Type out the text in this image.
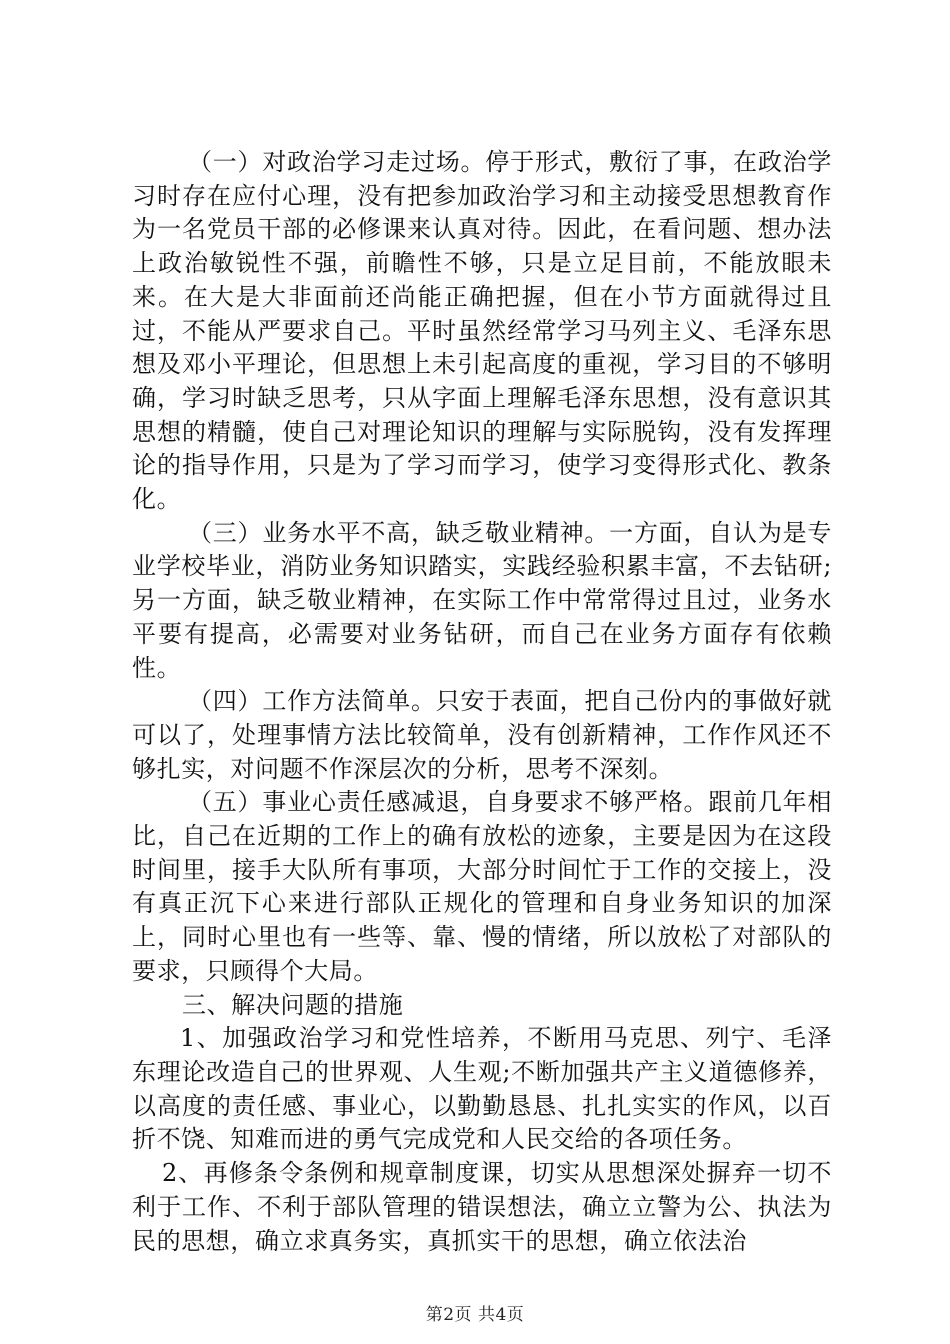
（一）对政治学习走过场。停于形式，敷衍了事，在政治学习时存在应付心理，没有把参加政治学习和主动接受思想教育作为一名党员干部的必修课来认真对待。因此，在看问题、想办法上政治敏锐性不强，前瞻性不够，只是立足目前，不能放眼未来。在大是大非面前还尚能正确把握，但在小节方面就得过且过，不能从严要求自己。平时虽然经常学习马列主义、毛泽东思想及邓小平理论，但思想上未引起高度的重视，学习目的不够明确，学习时缺乏思考，只从字面上理解毛泽东思想，没有意识其思想的精髓，使自己对理论知识的理解与实际脱钩，没有发挥理论的指导作用，只是为了学习而学习，使学习变得形式化、教条化。

（三）业务水平不高，缺乏敬业精神。一方面，自认为是专业学校毕业，消防业务知识踏实，实践经验积累丰富，不去钻研;另一方面，缺乏敬业精神，在实际工作中常常得过且过，业务水平要有提高，必需要对业务钻研，而自己在业务方面存有依赖性。

（四）工作方法简单。只安于表面，把自己份内的事做好就可以了，处理事情方法比较简单，没有创新精神，工作作风还不够扎实，对问题不作深层次的分析，思考不深刻。

（五）事业心责任感减退，自身要求不够严格。跟前几年相比，自己在近期的工作上的确有放松的迹象，主要是因为在这段时间里，接手大队所有事项，大部分时间忙于工作的交接上，没有真正沉下心来进行部队正规化的管理和自身业务知识的加深上，同时心里也有一些等、靠、慢的情绪，所以放松了对部队的要求，只顾得个大局。

三、解决问题的措施

1、加强政治学习和党性培养，不断用马克思、列宁、毛泽东理论改造自己的世界观、人生观;不断加强共产主义道德修养，以高度的责任感、事业心，以勤勤恳恳、扎扎实实的作风，以百折不饶、知难而进的勇气完成党和人民交给的各项任务。

2、再修条令条例和规章制度课，切实从思想深处摒弃一切不利于工作、不利于部队管理的错误想法，确立立警为公、执法为民的思想，确立求真务实，真抓实干的思想，确立依法治

第2页 共4页
